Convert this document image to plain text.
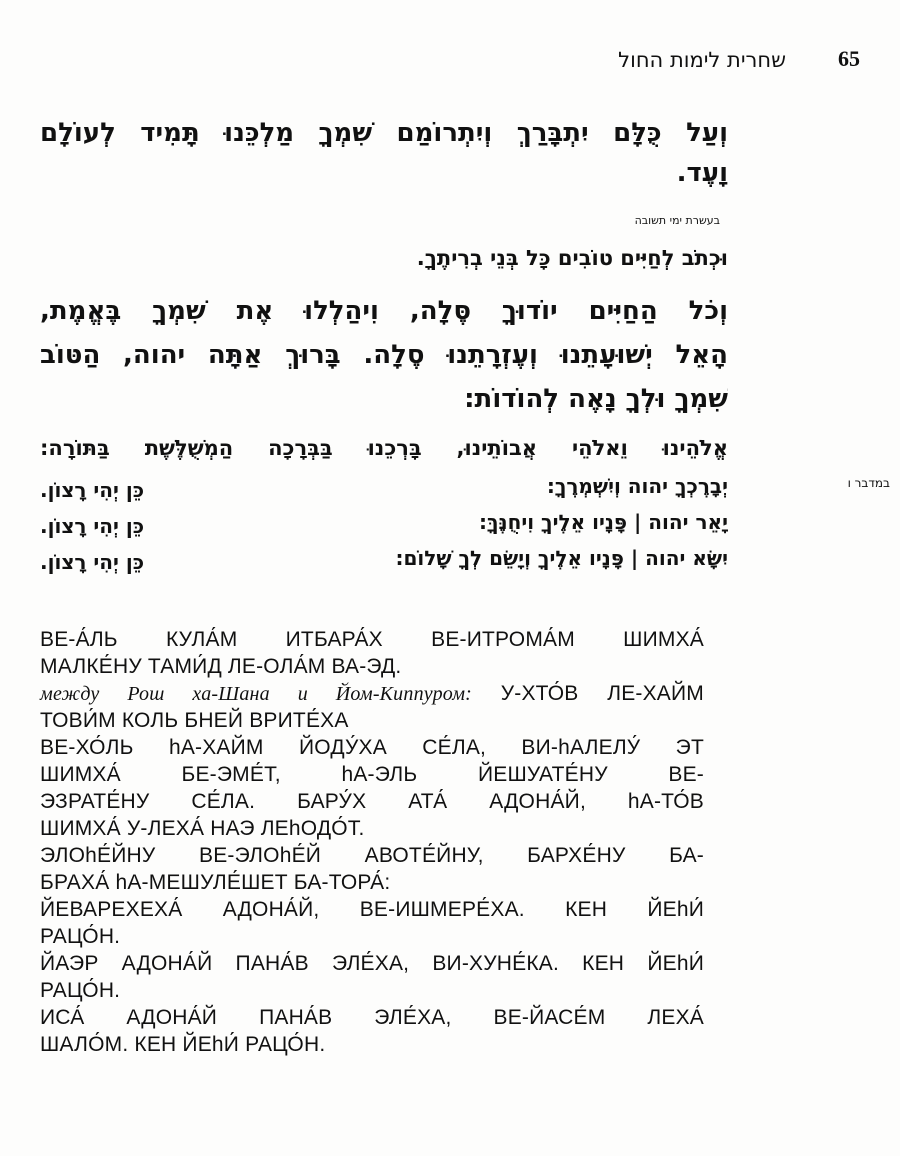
65
שחרית לימות החול
וְעַל כֻּלָּם יִתְבָּרַךְ וְיִתְרוֹמַם שִׁמְךָ מַלְכֵּנוּ תָּמִיד לְעוֹלָם
וָעֶד.
בעשרת ימי תשובה
וּכְתֹב לְחַיִּים טוֹבִים כָּל בְּנֵי בְרִיתֶךָ.
וְכֹל הַחַיִּים יוֹדוּךָ סֶּלָה, וִיהַלְלוּ אֶת שִׁמְךָ בֶּאֱמֶת,
הָאֵל יְשׁוּעָתֵנוּ וְעֶזְרָתֵנוּ סֶלָה. בָּרוּךְ אַתָּה יהוה, הַטּוֹב
שִׁמְךָ וּלְךָ נָאֶה לְהוֹדוֹת:
אֱלֹהֵינוּ וֵאלֹהֵי אֲבוֹתֵינוּ, בָּרְכֵנוּ בַּבְּרָכָה הַמְשֻׁלֶּשֶׁת בַּתּוֹרָה:
במדבר ו
יְבָרֶכְךָ יהוה וְיִשְׁמְרֶךָ:
כֵּן יְהִי רָצוֹן.
יָאֵר יהוה | פָּנָיו אֵלֶיךָ וִיחֻנֶּךָּ:
כֵּן יְהִי רָצוֹן.
יִשָּׂא יהוה | פָּנָיו אֵלֶיךָ וְיָשֵׂם לְךָ שָׁלוֹם:
כֵּן יְהִי רָצוֹן.
ВЕ-А́ЛЬ КУЛА́М ИТБАРА́Х ВЕ-ИТРОМА́М ШИМХА́
МАЛКЕ́НУ ТАМИ́Д ЛЕ-ОЛА́М ВА-ЭД.
между Рош ха-Шана и Йом-Киппуром: У-ХТО́В ЛЕ-ХАЙМ
ТОВИ́М КОЛЬ БНЕЙ ВРИТЕ́ХА
ВЕ-ХО́ЛЬ hА-ХАЙМ ЙОДУ́ХА СЕ́ЛА, ВИ-hАЛЕЛУ́ ЭТ
ШИМХА́ БЕ-ЭМЕ́Т, hА-ЭЛЬ ЙЕШУАТЕ́НУ ВЕ-
ЭЗРАТЕ́НУ СЕ́ЛА. БАРУ́Х АТА́ АДОНА́Й, hА-ТО́В
ШИМХА́ У-ЛЕХА́ НАЭ ЛЕhОДО́Т.
ЭЛОhЕ́ЙНУ ВЕ-ЭЛОhЕ́Й АВОТЕ́ЙНУ, БАРХЕ́НУ БА-
БРАХА́ hА-МЕШУЛЕ́ШЕТ БА-ТОРА́:
ЙЕВАРЕХЕХА́ АДОНА́Й, ВЕ-ИШМЕРЕ́ХА. КЕН ЙЕhИ́
РАЦО́Н.
ЙАЭР АДОНА́Й ПАНА́В ЭЛЕ́ХА, ВИ-ХУНЕ́КА. КЕН ЙЕhИ́
РАЦО́Н.
ИСА́ АДОНА́Й ПАНА́В ЭЛЕ́ХА, ВЕ-ЙАСЕ́М ЛЕХА́
ШАЛО́М. КЕН ЙЕhИ́ РАЦО́Н.
